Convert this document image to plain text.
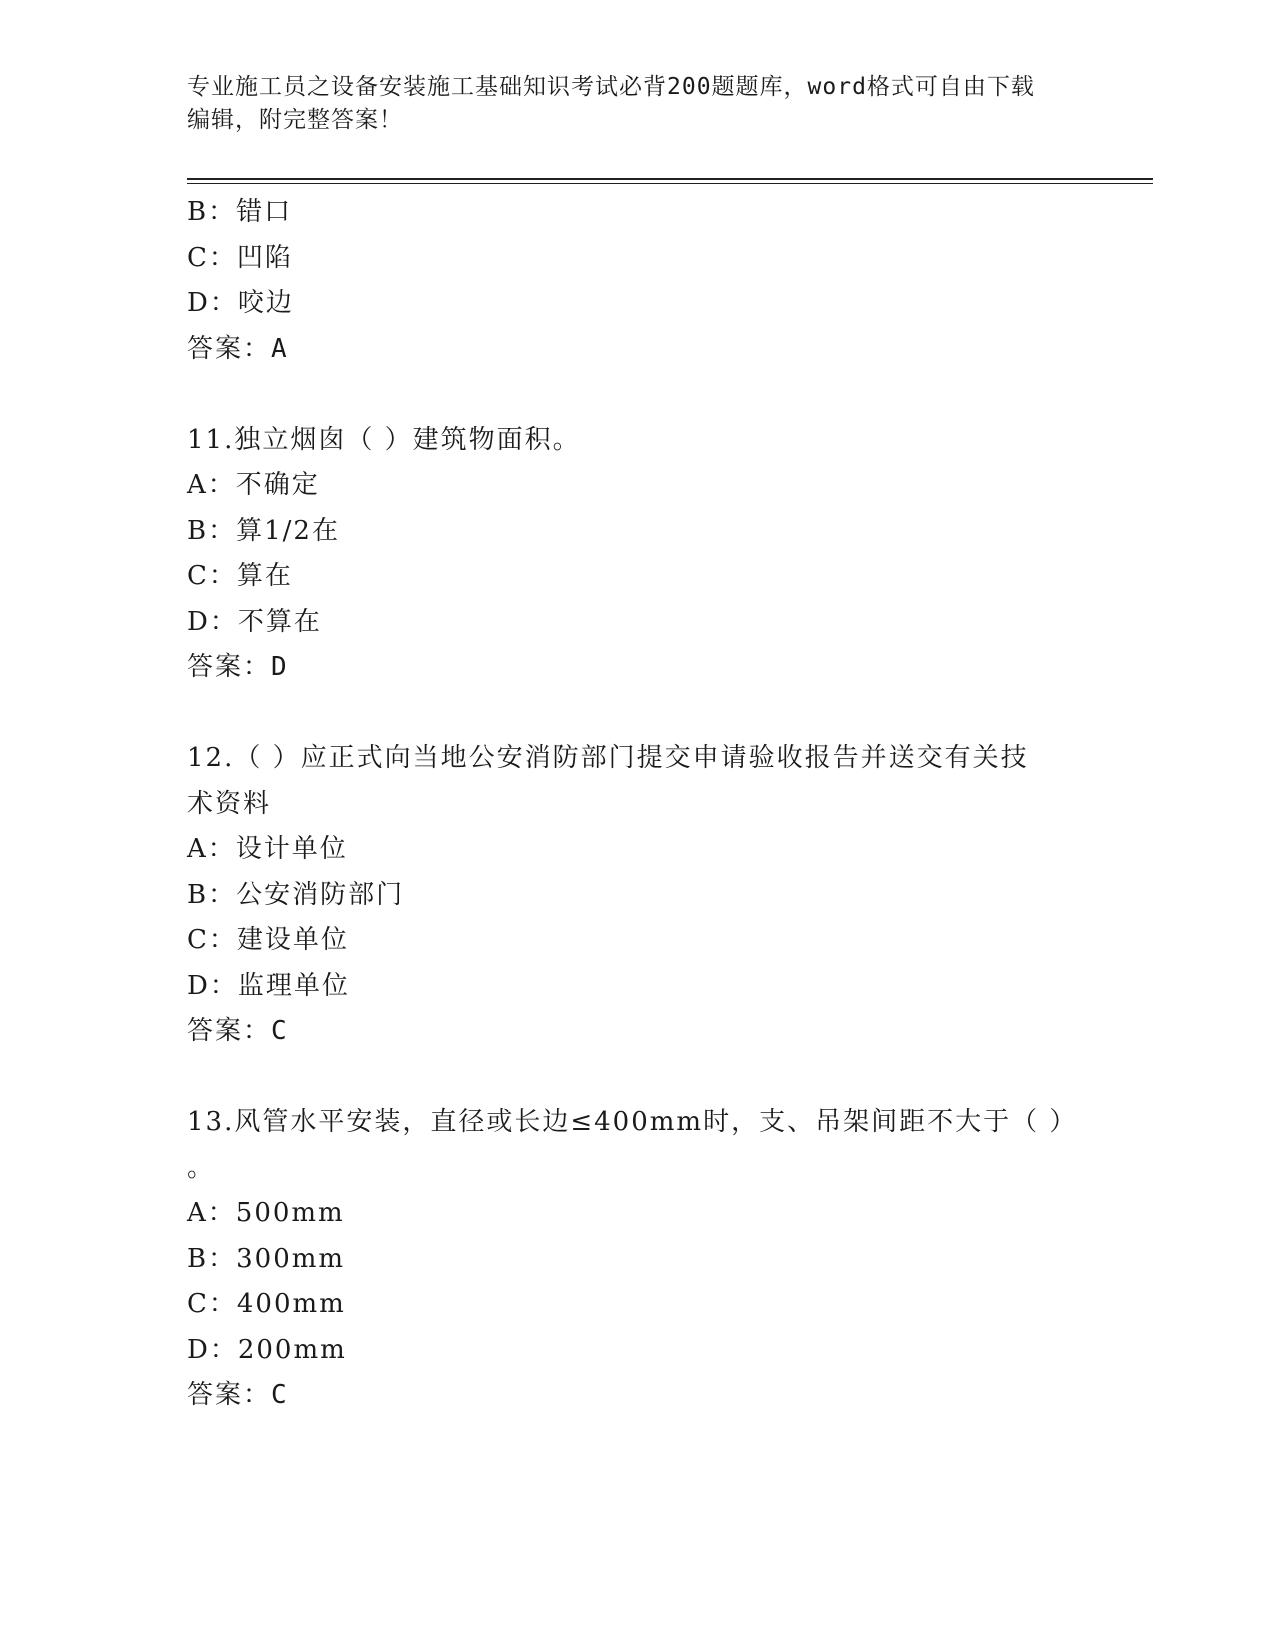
专业施工员之设备安装施工基础知识考试必背200题题库，word格式可自由下载
编辑，附完整答案！
B：错口
C：凹陷
D：咬边
答案：A
11.独立烟囱（ ）建筑物面积。
A：不确定
B：算1/2在
C：算在
D：不算在
答案：D
12.（ ）应正式向当地公安消防部门提交申请验收报告并送交有关技
术资料
A：设计单位
B：公安消防部门
C：建设单位
D：监理单位
答案：C
13.风管水平安装，直径或长边≤400mm时，支、吊架间距不大于（ ）
。
A：500mm
B：300mm
C：400mm
D：200mm
答案：C
